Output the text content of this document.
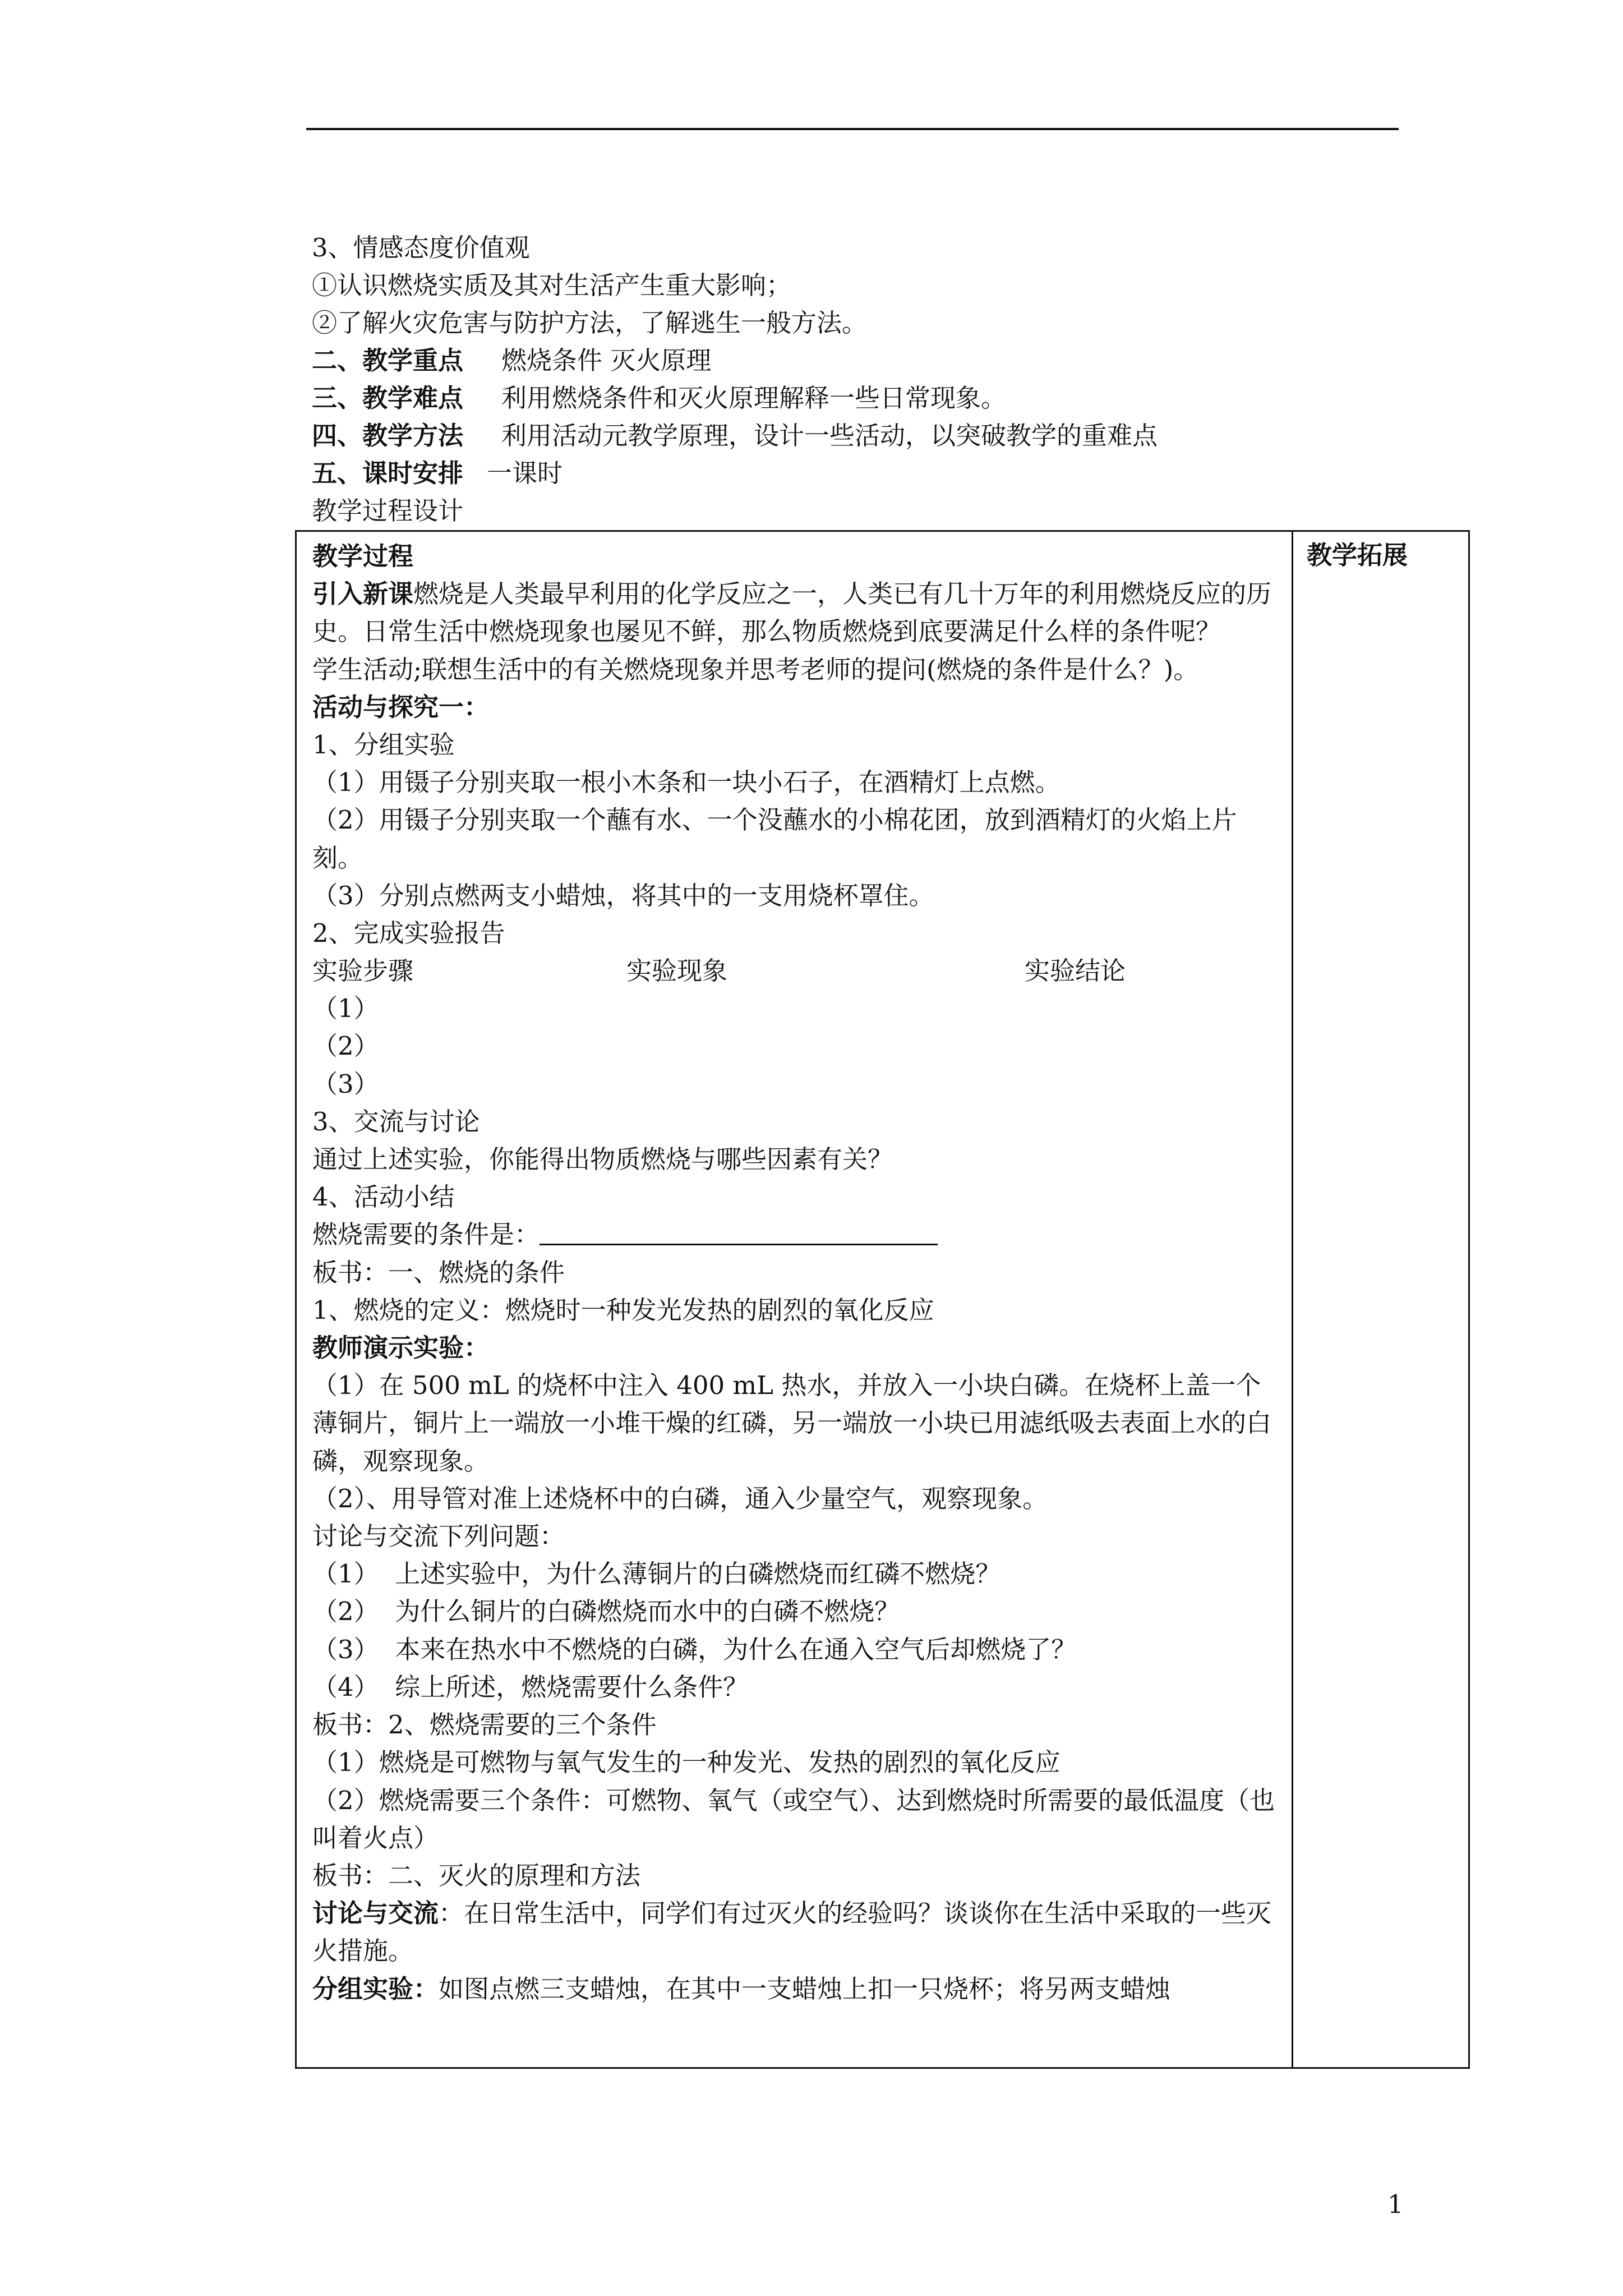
3、情感态度价值观
①认识燃烧实质及其对生活产生重大影响；
②了解火灾危害与防护方法，了解逃生一般方法。
二、教学重点 燃烧条件 灭火原理
三、教学难点 利用燃烧条件和灭火原理解释一些日常现象。
四、教学方法 利用活动元教学原理，设计一些活动，以突破教学的重难点
五、课时安排 一课时
教学过程设计
教学过程
引入新课燃烧是人类最早利用的化学反应之一，人类已有几十万年的利用燃烧反应的历史。日常生活中燃烧现象也屡见不鲜，那么物质燃烧到底要满足什么样的条件呢？
学生活动;联想生活中的有关燃烧现象并思考老师的提问(燃烧的条件是什么？)。
活动与探究一：
1、分组实验
（1）用镊子分别夹取一根小木条和一块小石子，在酒精灯上点燃。
（2）用镊子分别夹取一个蘸有水、一个没蘸水的小棉花团，放到酒精灯的火焰上片刻。
（3）分别点燃两支小蜡烛，将其中的一支用烧杯罩住。
2、完成实验报告
实验步骤	实验现象	实验结论
（1）
（2）
（3）
3、交流与讨论
通过上述实验，你能得出物质燃烧与哪些因素有关？
4、活动小结
燃烧需要的条件是：
板书：一、燃烧的条件
1、燃烧的定义：燃烧时一种发光发热的剧烈的氧化反应
教师演示实验：
（1）在 500 mL 的烧杯中注入 400 mL 热水，并放入一小块白磷。在烧杯上盖一个薄铜片，铜片上一端放一小堆干燥的红磷，另一端放一小块已用滤纸吸去表面上水的白磷，观察现象。
（2）、用导管对准上述烧杯中的白磷，通入少量空气，观察现象。
讨论与交流下列问题：
（1）  上述实验中，为什么薄铜片的白磷燃烧而红磷不燃烧？
（2）  为什么铜片的白磷燃烧而水中的白磷不燃烧？
（3）  本来在热水中不燃烧的白磷，为什么在通入空气后却燃烧了？
（4）  综上所述，燃烧需要什么条件？
板书：2、燃烧需要的三个条件
（1）燃烧是可燃物与氧气发生的一种发光、发热的剧烈的氧化反应
（2）燃烧需要三个条件：可燃物、氧气（或空气）、达到燃烧时所需要的最低温度（也叫着火点）
板书：二、灭火的原理和方法
讨论与交流：在日常生活中，同学们有过灭火的经验吗？谈谈你在生活中采取的一些灭火措施。
分组实验：如图点燃三支蜡烛，在其中一支蜡烛上扣一只烧杯；将另两支蜡烛

教学拓展
1
